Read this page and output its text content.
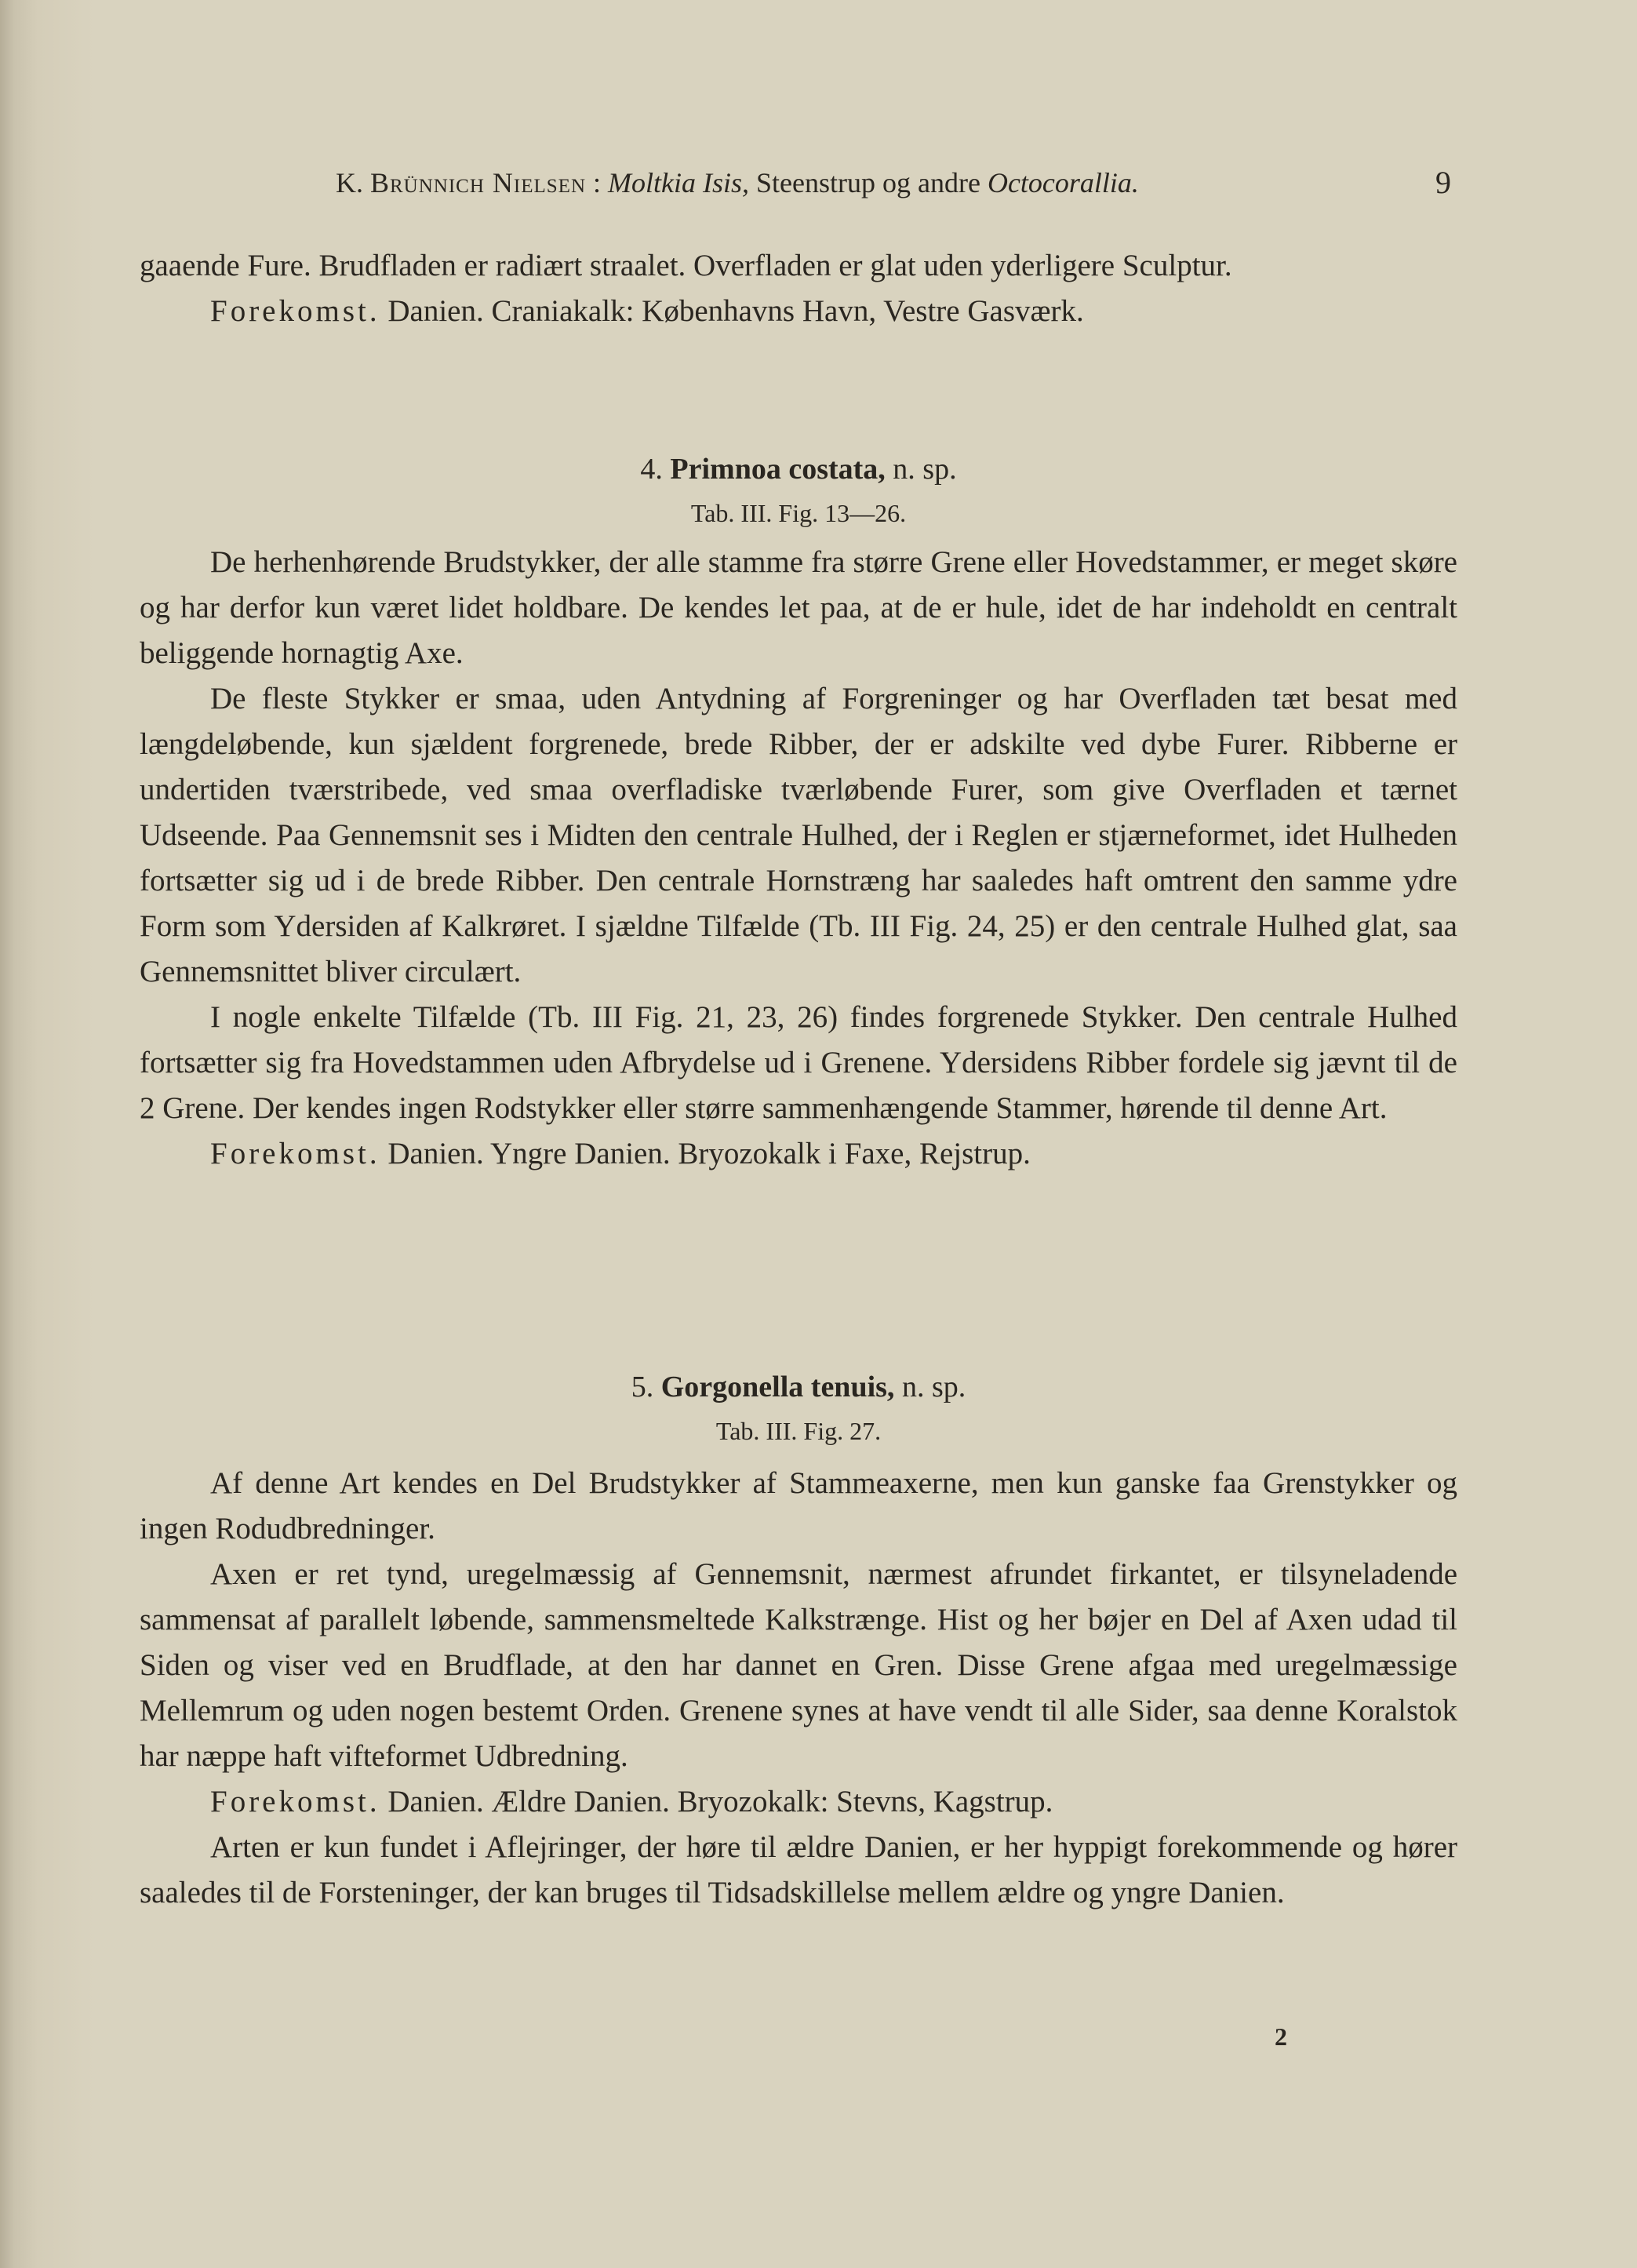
K. Brünnich Nielsen : Moltkia Isis, Steenstrup og andre Octocorallia.	9

gaaende Fure. Brudfladen er radiært straalet. Overfladen er glat uden yderligere Sculptur.

Forekomst. Danien. Craniakalk: Københavns Havn, Vestre Gasværk.

4. Primnoa costata, n. sp.
Tab. III. Fig. 13—26.

De herhenhørende Brudstykker, der alle stamme fra større Grene eller Hovedstammer, er meget skøre og har derfor kun været lidet holdbare. De kendes let paa, at de er hule, idet de har indeholdt en centralt beliggende hornagtig Axe.

De fleste Stykker er smaa, uden Antydning af Forgreninger og har Overfladen tæt besat med længdeløbende, kun sjældent forgrenede, brede Ribber, der er adskilte ved dybe Furer. Ribberne er undertiden tværstribede, ved smaa overfladiske tværløbende Furer, som give Overfladen et tærnet Udseende. Paa Gennemsnit ses i Midten den centrale Hulhed, der i Reglen er stjærneformet, idet Hulheden fortsætter sig ud i de brede Ribber. Den centrale Hornstræng har saaledes haft omtrent den samme ydre Form som Ydersiden af Kalkrøret. I sjældne Tilfælde (Tb. III Fig. 24, 25) er den centrale Hulhed glat, saa Gennemsnittet bliver circulært.

I nogle enkelte Tilfælde (Tb. III Fig. 21, 23, 26) findes forgrenede Stykker. Den centrale Hulhed fortsætter sig fra Hovedstammen uden Afbrydelse ud i Grenene. Ydersidens Ribber fordele sig jævnt til de 2 Grene. Der kendes ingen Rodstykker eller større sammenhængende Stammer, hørende til denne Art.

Forekomst. Danien. Yngre Danien. Bryozokalk i Faxe, Rejstrup.

5. Gorgonella tenuis, n. sp.
Tab. III. Fig. 27.

Af denne Art kendes en Del Brudstykker af Stammeaxerne, men kun ganske faa Grenstykker og ingen Rodudbredninger.

Axen er ret tynd, uregelmæssig af Gennemsnit, nærmest afrundet firkantet, er tilsyneladende sammensat af parallelt løbende, sammensmeltede Kalkstrænge. Hist og her bøjer en Del af Axen udad til Siden og viser ved en Brudflade, at den har dannet en Gren. Disse Grene afgaa med uregelmæssige Mellemrum og uden nogen bestemt Orden. Grenene synes at have vendt til alle Sider, saa denne Koralstok har næppe haft vifteformet Udbredning.

Forekomst. Danien. Ældre Danien. Bryozokalk: Stevns, Kagstrup.

Arten er kun fundet i Aflejringer, der høre til ældre Danien, er her hyppigt forekommende og hører saaledes til de Forsteninger, der kan bruges til Tidsadskillelse mellem ældre og yngre Danien.

2
